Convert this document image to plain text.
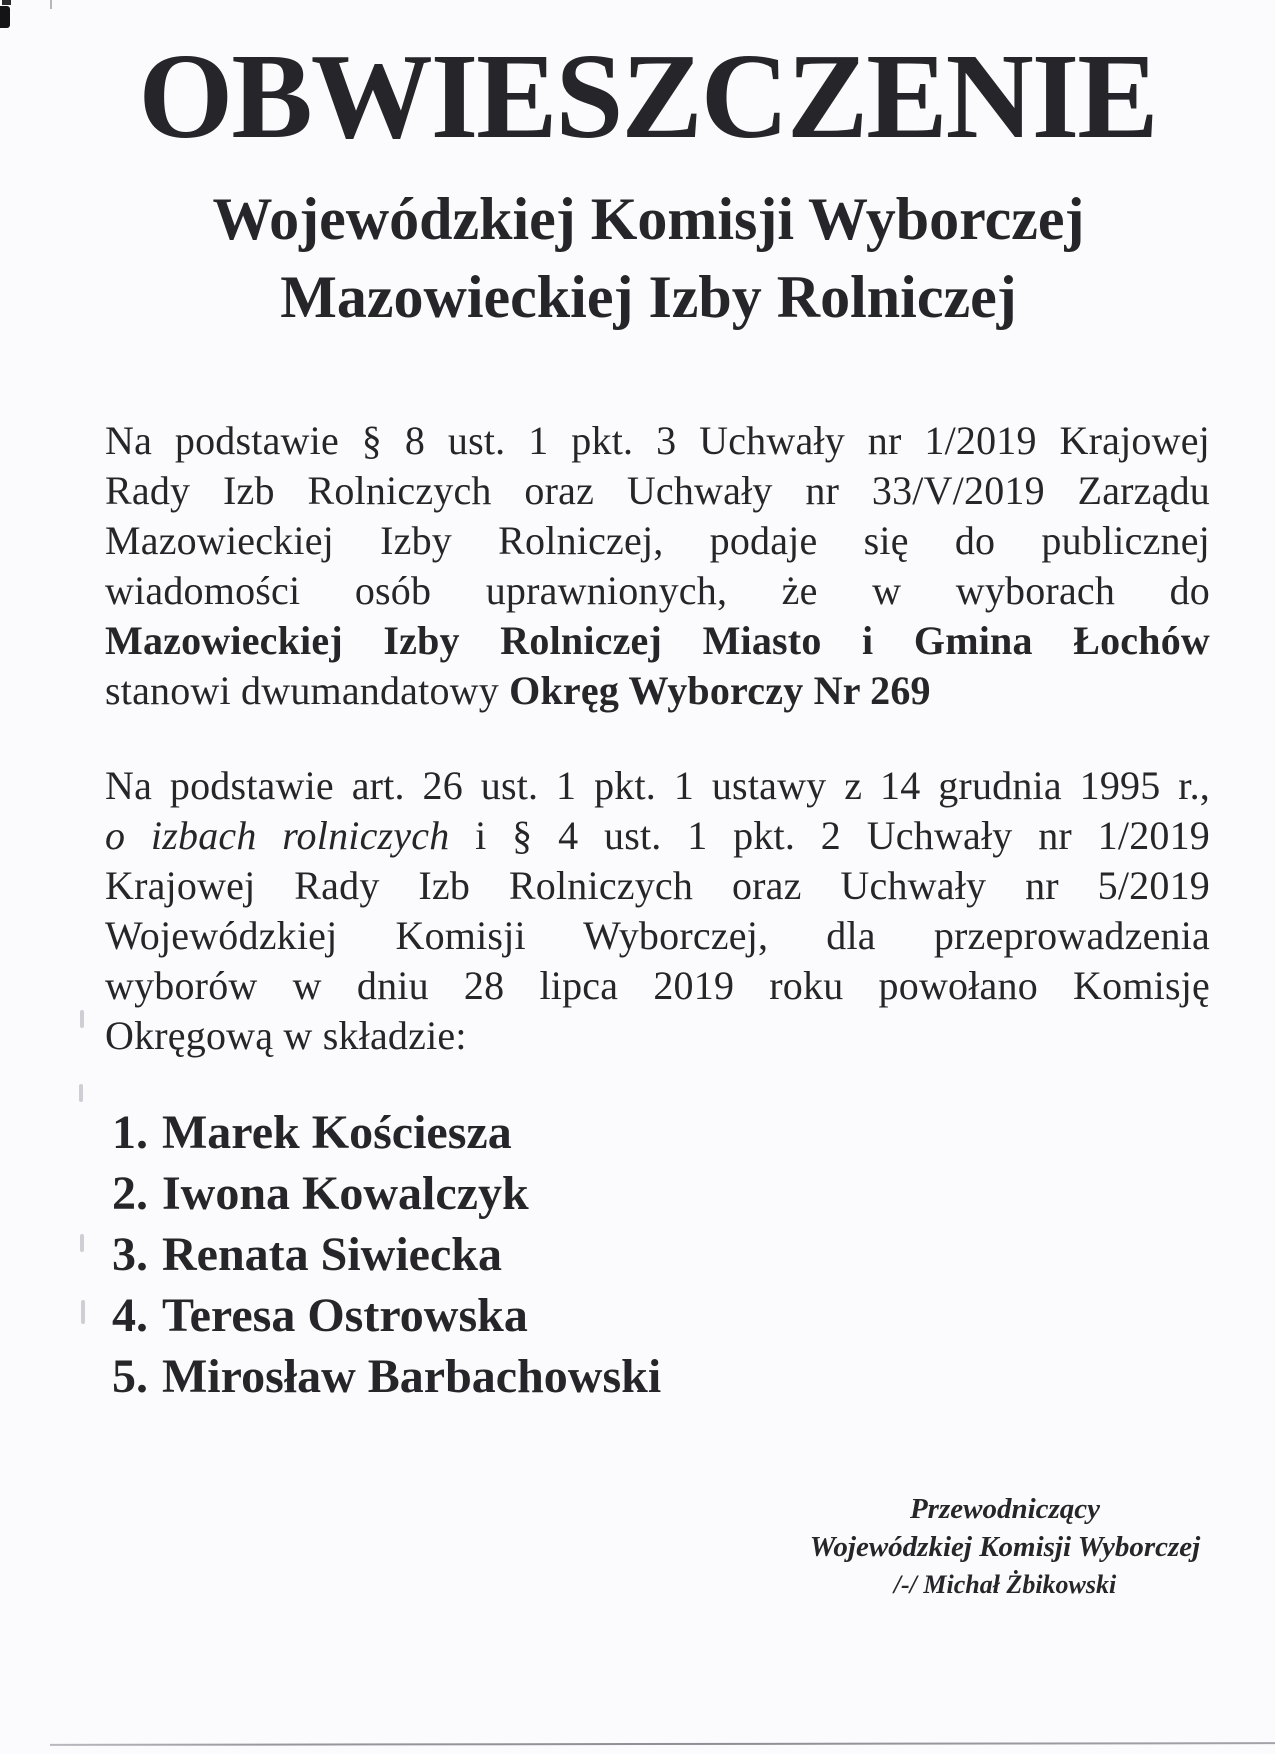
OBWIESZCZENIE
Wojewódzkiej Komisji Wyborczej
Mazowieckiej Izby Rolniczej
Na podstawie § 8 ust. 1 pkt. 3 Uchwały nr 1/2019 Krajowej
Rady Izb Rolniczych oraz Uchwały nr 33/V/2019 Zarządu
Mazowieckiej Izby Rolniczej, podaje się do publicznej
wiadomości osób uprawnionych, że w wyborach do
Mazowieckiej Izby Rolniczej Miasto i Gmina Łochów
stanowi dwumandatowy Okręg Wyborczy Nr 269
Na podstawie art. 26 ust. 1 pkt. 1 ustawy z 14 grudnia 1995 r.,
o izbach rolniczych i § 4 ust. 1 pkt. 2 Uchwały nr 1/2019
Krajowej Rady Izb Rolniczych oraz Uchwały nr 5/2019
Wojewódzkiej Komisji Wyborczej, dla przeprowadzenia
wyborów w dniu 28 lipca 2019 roku powołano Komisję
Okręgową w składzie:
1. Marek Kościesza
2. Iwona Kowalczyk
3. Renata Siwiecka
4. Teresa Ostrowska
5. Mirosław Barbachowski
Przewodniczący
Wojewódzkiej Komisji Wyborczej
/-/ Michał Żbikowski
